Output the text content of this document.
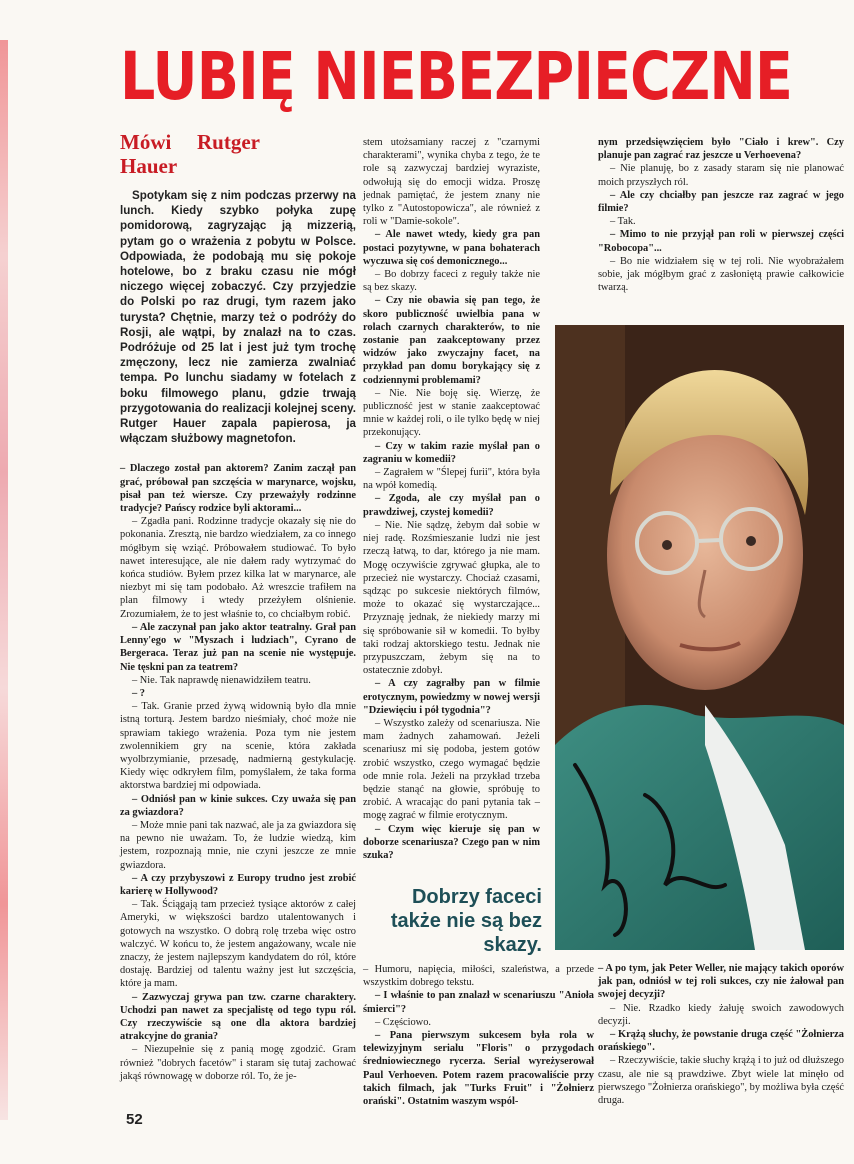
LUBIĘ NIEBEZPIECZNE
Mówi Rutger Hauer

Spotykam się z nim podczas przerwy na lunch. Kiedy szybko połyka zupę pomidorową, zagryzając ją mizzerią, pytam go o wrażenia z pobytu w Polsce. Odpowiada, że podobają mu się pokoje hotelowe, bo z braku czasu nie mógł niczego więcej zobaczyć. Czy przyjedzie do Polski po raz drugi, tym razem jako turysta? Chętnie, marzy też o podróży do Rosji, ale wątpi, by znalazł na to czas. Podróżuje od 25 lat i jest już tym trochę zmęczony, lecz nie zamierza zwalniać tempa. Po lunchu siadamy w fotelach z boku filmowego planu, gdzie trwają przygotowania do realizacji kolejnej sceny. Rutger Hauer zapala papierosa, ja włączam służbowy magnetofon.

– Dlaczego został pan aktorem? Zanim zaczął pan grać, próbował pan szczęścia w marynarce, wojsku, pisał pan też wiersze. Czy przeważyły rodzinne tradycje? Pańscy rodzice byli aktorami...

– Zgadła pani. Rodzinne tradycje okazały się nie do pokonania. Zresztą, nie bardzo wiedziałem, za co innego mógłbym się wziąć. Próbowałem studiować. To było nawet interesujące, ale nie dałem rady wytrzymać do końca studiów. Byłem przez kilka lat w marynarce, ale niezbyt mi się tam podobało. Aż wreszcie trafiłem na plan filmowy i wtedy przeżyłem olśnienie. Zrozumiałem, że to jest właśnie to, co chciałbym robić.

– Ale zaczynał pan jako aktor teatralny. Grał pan Lenny'ego w "Myszach i ludziach", Cyrano de Bergeraca. Teraz już pan na scenie nie występuje. Nie tęskni pan za teatrem?

– Nie. Tak naprawdę nienawidziłem teatru.

– ?

– Tak. Granie przed żywą widownią było dla mnie istną torturą. Jestem bardzo nieśmiały, choć może nie sprawiam takiego wrażenia. Poza tym nie jestem zwolennikiem gry na scenie, która zakłada wyolbrzymianie, przesadę, nadmierną gestykulację. Kiedy więc odkryłem film, pomyślałem, że taka forma aktorstwa bardziej mi odpowiada.

– Odniósł pan w kinie sukces. Czy uważa się pan za gwiazdora?

– Może mnie pani tak nazwać, ale ja za gwiazdora się na pewno nie uważam. To, że ludzie wiedzą, kim jestem, rozpoznają mnie, nie czyni jeszcze ze mnie gwiazdora.

– A czy przybyszowi z Europy trudno jest zrobić karierę w Hollywood?

– Tak. Ściągają tam przecież tysiące aktorów z całej Ameryki, w większości bardzo utalentowanych i gotowych na wszystko. O dobrą rolę trzeba więc ostro walczyć. W końcu to, że jestem angażowany, wcale nie znaczy, że jestem najlepszym kandydatem do ról, które dostaję. Bardziej od talentu ważny jest łut szczęścia, które ja mam.

– Zazwyczaj grywa pan tzw. czarne charaktery. Uchodzi pan nawet za specjalistę od tego typu ról. Czy rzeczywiście są one dla aktora bardziej atrakcyjne do grania?

– Niezupełnie się z panią mogę zgodzić. Gram również "dobrych facetów" i staram się tutaj zachować jakąś równowagę w doborze ról. To, że je-

stem utożsamiany raczej z "czarnymi charakterami", wynika chyba z tego, że te role są zazwyczaj bardziej wyraziste, odwołują się do emocji widza. Proszę jednak pamiętać, że jestem znany nie tylko z "Autostopowicza", ale również z roli w "Damie-sokole".

– Ale nawet wtedy, kiedy gra pan postaci pozytywne, w pana bohaterach wyczuwa się coś demonicznego...

– Bo dobrzy faceci z reguły także nie są bez skazy.

– Czy nie obawia się pan tego, że skoro publiczność uwielbia pana w rolach czarnych charakterów, to nie zostanie pan zaakceptowany przez widzów jako zwyczajny facet, na przykład pan domu borykający się z codziennymi problemami?

– Nie. Nie boję się. Wierzę, że publiczność jest w stanie zaakceptować mnie w każdej roli, o ile tylko będę w niej przekonujący.

– Czy w takim razie myślał pan o zagraniu w komedii?

– Zagrałem w "Ślepej furii", która była na wpół komedią.

– Zgoda, ale czy myślał pan o prawdziwej, czystej komedii?

– Nie. Nie sądzę, żebym dał sobie w niej radę. Rozśmieszanie ludzi nie jest rzeczą łatwą, to dar, którego ja nie mam. Mogę oczywiście zgrywać głupka, ale to przecież nie wystarczy. Chociaż czasami, sądząc po sukcesie niektórych filmów, może to okazać się wystarczające... Przyznaję jednak, że niekiedy marzy mi się spróbowanie sił w komedii. To byłby taki rodzaj aktorskiego testu. Jednak nie przypuszczam, żebym się na to ostatecznie zdobył.

– A czy zagrałby pan w filmie erotycznym, powiedzmy w nowej wersji "Dziewięciu i pół tygodnia"?

– Wszystko zależy od scenariusza. Nie mam żadnych zahamowań. Jeżeli scenariusz mi się podoba, jestem gotów zrobić wszystko, czego wymagać będzie ode mnie rola. Jeżeli na przykład trzeba będzie stanąć na głowie, spróbuję to zrobić. A wracając do pani pytania tak – mogę zagrać w filmie erotycznym.

– Czym więc kieruje się pan w doborze scenariusza? Czego pan w nim szuka?

Dobrzy faceci także nie są bez skazy.

– Humoru, napięcia, miłości, szaleństwa, a przede wszystkim dobrego tekstu.

– I właśnie to pan znalazł w scenariuszu "Anioła śmierci"?

– Częściowo.

– Pana pierwszym sukcesem była rola w telewizyjnym serialu "Floris" o przygodach średniowiecznego rycerza. Serial wyreżyserował Paul Verhoeven. Potem razem pracowaliście przy takich filmach, jak "Turks Fruit" i "Żołnierz orański". Ostatnim waszym wspól-

nym przedsięwzięciem było "Ciało i krew". Czy planuje pan zagrać raz jeszcze u Verhoevena?

– Nie planuję, bo z zasady staram się nie planować moich przyszłych ról.

– Ale czy chciałby pan jeszcze raz zagrać w jego filmie?

– Tak.

– Mimo to nie przyjął pan roli w pierwszej części "Robocopa"...

– Bo nie widziałem się w tej roli. Nie wyobrażałem sobie, jak mógłbym grać z zasłoniętą prawie całkowicie twarzą.

– A po tym, jak Peter Weller, nie mający takich oporów jak pan, odniósł w tej roli sukces, czy nie żałował pan swojej decyzji?

– Nie. Rzadko kiedy żałuję swoich zawodowych decyzji.

– Krążą słuchy, że powstanie druga część "Żołnierza orańskiego".

– Rzeczywiście, takie słuchy krążą i to już od dłuższego czasu, ale nie są prawdziwe. Zbyt wiele lat minęło od pierwszego "Żołnierza orańskiego", by możliwa była część druga.

52
